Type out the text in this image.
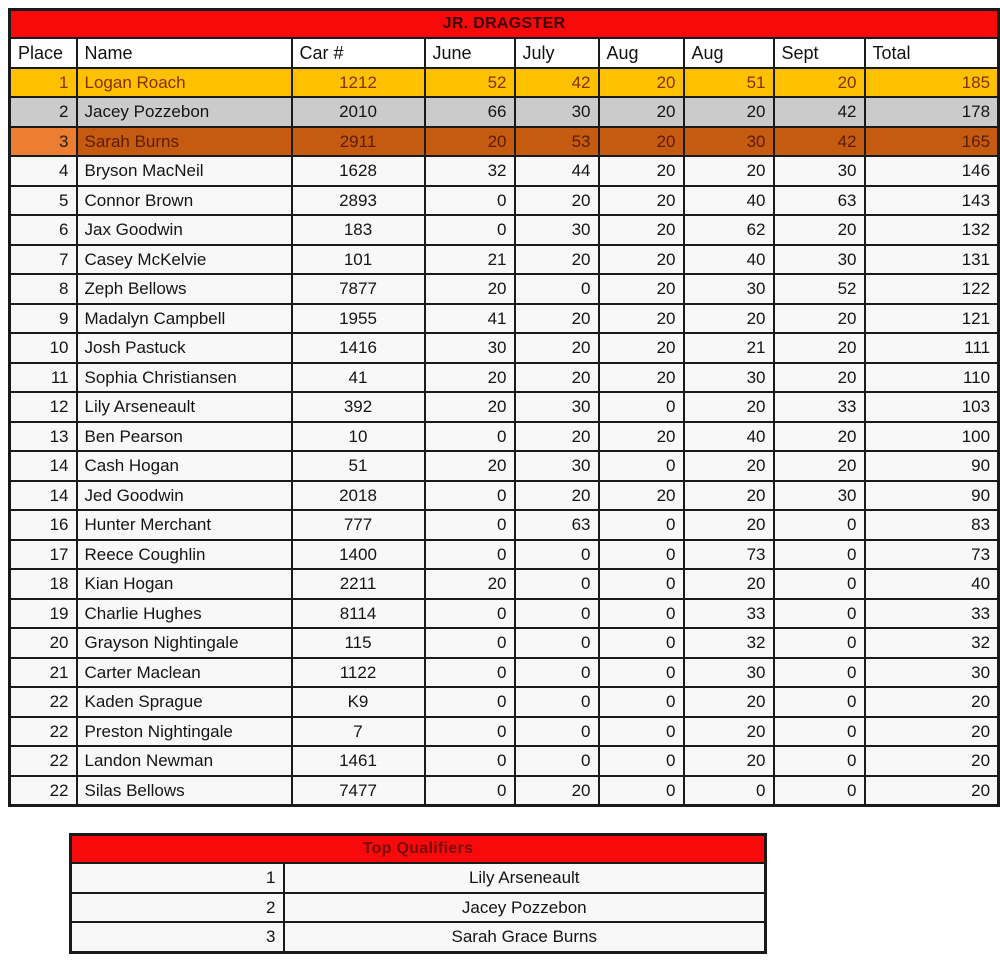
JR. DRAGSTER								
Place	Name	Car #	June	July	Aug	Aug	Sept	Total
1	Logan Roach	1212	52	42	20	51	20	185
2	Jacey Pozzebon	2010	66	30	20	20	42	178
3	Sarah Burns	2911	20	53	20	30	42	165
4	Bryson MacNeil	1628	32	44	20	20	30	146
5	Connor Brown	2893	0	20	20	40	63	143
6	Jax Goodwin	183	0	30	20	62	20	132
7	Casey McKelvie	101	21	20	20	40	30	131
8	Zeph Bellows	7877	20	0	20	30	52	122
9	Madalyn Campbell	1955	41	20	20	20	20	121
10	Josh Pastuck	1416	30	20	20	21	20	111
11	Sophia Christiansen	41	20	20	20	30	20	110
12	Lily Arseneault	392	20	30	0	20	33	103
13	Ben Pearson	10	0	20	20	40	20	100
14	Cash Hogan	51	20	30	0	20	20	90
14	Jed Goodwin	2018	0	20	20	20	30	90
16	Hunter Merchant	777	0	63	0	20	0	83
17	Reece Coughlin	1400	0	0	0	73	0	73
18	Kian Hogan	2211	20	0	0	20	0	40
19	Charlie Hughes	8114	0	0	0	33	0	33
20	Grayson Nightingale	115	0	0	0	32	0	32
21	Carter Maclean	1122	0	0	0	30	0	30
22	Kaden Sprague	K9	0	0	0	20	0	20
22	Preston Nightingale	7	0	0	0	20	0	20
22	Landon Newman	1461	0	0	0	20	0	20
22	Silas Bellows	7477	0	20	0	0	0	20
Top Qualifiers	
1	Lily Arseneault
2	Jacey Pozzebon
3	Sarah Grace Burns
